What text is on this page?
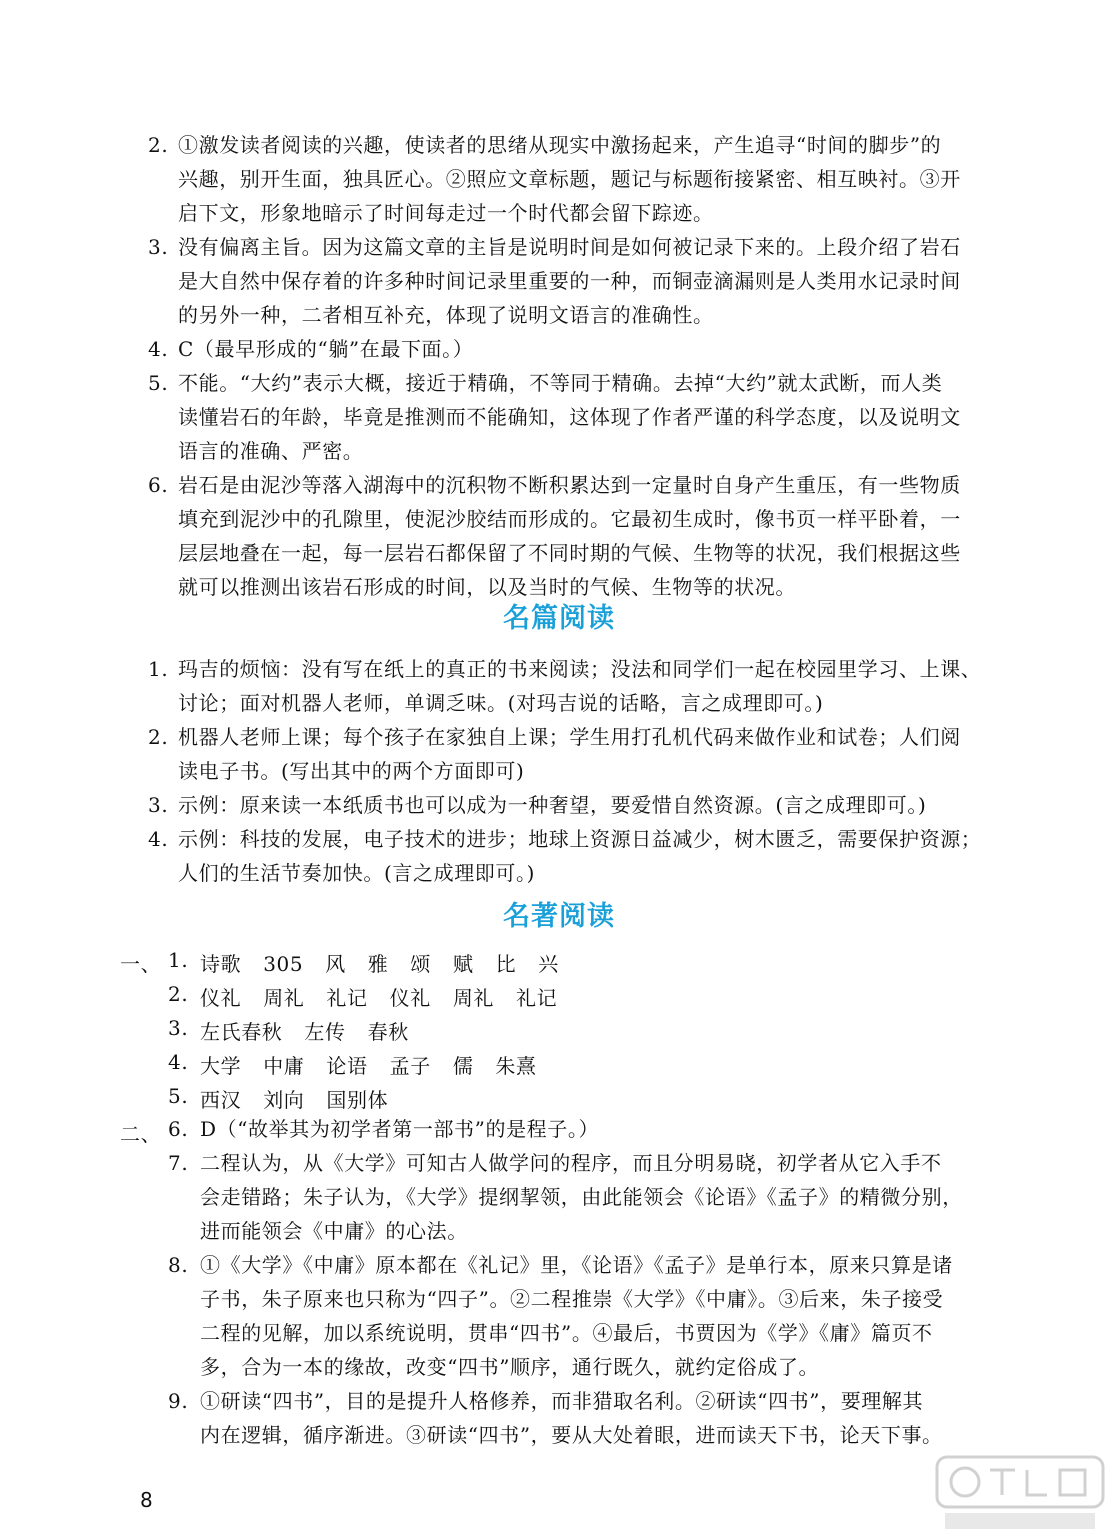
2. ①激发读者阅读的兴趣，使读者的思绪从现实中激扬起来，产生追寻“时间的脚步”的
兴趣，别开生面，独具匠心。②照应文章标题，题记与标题衔接紧密、相互映衬。③开
启下文，形象地暗示了时间每走过一个时代都会留下踪迹。
3. 没有偏离主旨。因为这篇文章的主旨是说明时间是如何被记录下来的。上段介绍了岩石
是大自然中保存着的许多种时间记录里重要的一种，而铜壶滴漏则是人类用水记录时间
的另外一种，二者相互补充，体现了说明文语言的准确性。
4. C（最早形成的“躺”在最下面。）
5. 不能。“大约”表示大概，接近于精确，不等同于精确。去掉“大约”就太武断，而人类
读懂岩石的年龄，毕竟是推测而不能确知，这体现了作者严谨的科学态度，以及说明文
语言的准确、严密。
6. 岩石是由泥沙等落入湖海中的沉积物不断积累达到一定量时自身产生重压，有一些物质
填充到泥沙中的孔隙里，使泥沙胶结而形成的。它最初生成时，像书页一样平卧着，一
层层地叠在一起，每一层岩石都保留了不同时期的气候、生物等的状况，我们根据这些
就可以推测出该岩石形成的时间，以及当时的气候、生物等的状况。
名篇阅读
1. 玛吉的烦恼：没有写在纸上的真正的书来阅读；没法和同学们一起在校园里学习、上课、
讨论；面对机器人老师，单调乏味。(对玛吉说的话略，言之成理即可。)
2. 机器人老师上课；每个孩子在家独自上课；学生用打孔机代码来做作业和试卷；人们阅
读电子书。(写出其中的两个方面即可)
3. 示例：原来读一本纸质书也可以成为一种奢望，要爱惜自然资源。(言之成理即可。)
4. 示例：科技的发展，电子技术的进步；地球上资源日益减少，树木匮乏，需要保护资源；
人们的生活节奏加快。(言之成理即可。)
名著阅读
一、 1. 诗歌 305 风 雅 颂 赋 比 兴
2. 仪礼 周礼 礼记 仪礼 周礼 礼记
3. 左氏春秋 左传 春秋
4. 大学 中庸 论语 孟子 儒 朱熹
5. 西汉 刘向 国别体
二、 6. D（“故举其为初学者第一部书”的是程子。）
7. 二程认为，从《大学》可知古人做学问的程序，而且分明易晓，初学者从它入手不
会走错路；朱子认为，《大学》提纲挈领，由此能领会《论语》《孟子》的精微分别，
进而能领会《中庸》的心法。
8. ①《大学》《中庸》原本都在《礼记》里，《论语》《孟子》是单行本，原来只算是诸
子书，朱子原来也只称为“四子”。②二程推崇《大学》《中庸》。③后来，朱子接受
二程的见解，加以系统说明，贯串“四书”。④最后，书贾因为《学》《庸》篇页不
多，合为一本的缘故，改变“四书”顺序，通行既久，就约定俗成了。
9. ①研读“四书”，目的是提升人格修养，而非猎取名利。②研读“四书”，要理解其
内在逻辑，循序渐进。③研读“四书”，要从大处着眼，进而读天下书，论天下事。
8
